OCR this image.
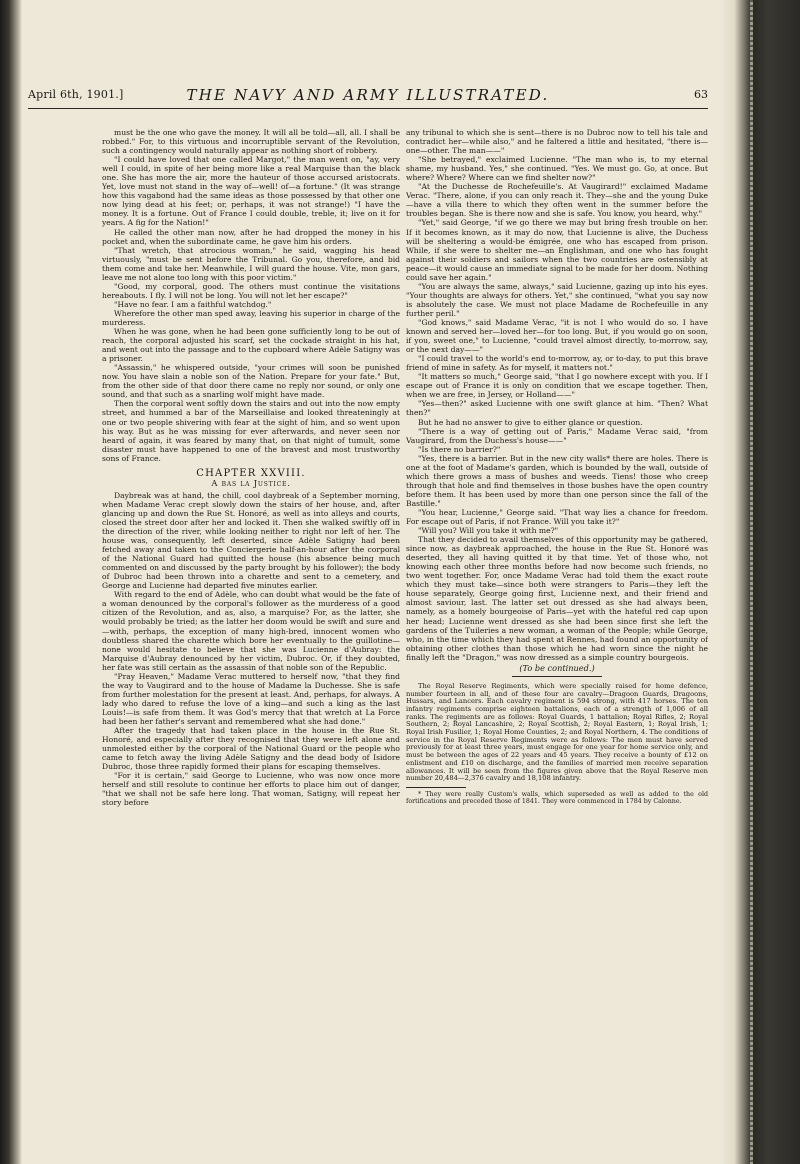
April 6th, 1901.]	THE NAVY AND ARMY ILLUSTRATED.	63

must be the one who gave the money. It will all be told—all, all. I shall be robbed." For, to this virtuous and incorruptible servant of the Revolution, such a contingency would naturally appear as nothing short of robbery.

"I could have loved that one called Margot," the man went on, "ay, very well I could, in spite of her being more like a real Marquise than the black one. She has more the air, more the hauteur of those accursed aristocrats. Yet, love must not stand in the way of—well! of—a fortune." (It was strange how this vagabond had the same ideas as those possessed by that other one now lying dead at his feet; or, perhaps, it was not strange!) "I have the money. It is a fortune. Out of France I could double, treble, it; live on it for years. A fig for the Nation!"

He called the other man now, after he had dropped the money in his pocket and, when the subordinate came, he gave him his orders.

"That wretch, that atrocious woman," he said, wagging his head virtuously, "must be sent before the Tribunal. Go you, therefore, and bid them come and take her. Meanwhile, I will guard the house. Vite, mon gars, leave me not alone too long with this poor victim."

"Good, my corporal, good. The others must continue the visitations hereabouts. I fly. I will not be long. You will not let her escape?"

"Have no fear. I am a faithful watchdog."

Wherefore the other man sped away, leaving his superior in charge of the murderess.

When he was gone, when he had been gone sufficiently long to be out of reach, the corporal adjusted his scarf, set the cockade straight in his hat, and went out into the passage and to the cupboard where Adèle Satigny was a prisoner.

"Assassin," he whispered outside, "your crimes will soon be punished now. You have slain a noble son of the Nation. Prepare for your fate." But, from the other side of that door there came no reply nor sound, or only one sound, and that such as a snarling wolf might have made.

Then the corporal went softly down the stairs and out into the now empty street, and hummed a bar of the Marseillaise and looked threateningly at one or two people shivering with fear at the sight of him, and so went upon his way. But as he was missing for ever afterwards, and never seen nor heard of again, it was feared by many that, on that night of tumult, some disaster must have happened to one of the bravest and most trustworthy sons of France.

CHAPTER XXVIII.
A bas la Justice.

Daybreak was at hand, the chill, cool daybreak of a September morning, when Madame Verac crept slowly down the stairs of her house, and, after glancing up and down the Rue St. Honoré, as well as into alleys and courts, closed the street door after her and locked it. Then she walked swiftly off in the direction of the river, while looking neither to right nor left of her. The house was, consequently, left deserted, since Adèle Satigny had been fetched away and taken to the Conciergerie half-an-hour after the corporal of the National Guard had quitted the house (his absence being much commented on and discussed by the party brought by his follower); the body of Dubroc had been thrown into a charette and sent to a cemetery, and George and Lucienne had departed five minutes earlier.

With regard to the end of Adèle, who can doubt what would be the fate of a woman denounced by the corporal's follower as the murderess of a good citizen of the Revolution, and as, also, a marquise? For, as the latter, she would probably be tried; as the latter her doom would be swift and sure and—with, perhaps, the exception of many high-bred, innocent women who doubtless shared the charette which bore her eventually to the guillotine—none would hesitate to believe that she was Lucienne d'Aubray: the Marquise d'Aubray denounced by her victim, Dubroc. Or, if they doubted, her fate was still certain as the assassin of that noble son of the Republic.

"Pray Heaven," Madame Verac muttered to herself now, "that they find the way to Vaugirard and to the house of Madame la Duchesse. She is safe from further molestation for the present at least. And, perhaps, for always. A lady who dared to refuse the love of a king—and such a king as the last Louis!—is safe from them. It was God's mercy that that wretch at La Force had been her father's servant and remembered what she had done."

After the tragedy that had taken place in the house in the Rue St. Honoré, and especially after they recognised that they were left alone and unmolested either by the corporal of the National Guard or the people who came to fetch away the living Adèle Satigny and the dead body of Isidore Dubroc, those three rapidly formed their plans for escaping themselves.

"For it is certain," said George to Lucienne, who was now once more herself and still resolute to continue her efforts to place him out of danger, "that we shall not be safe here long. That woman, Satigny, will repeat her story before

any tribunal to which she is sent—there is no Dubroc now to tell his tale and contradict her—while also," and he faltered a little and hesitated, "there is—one—other. The man——"

"She betrayed," exclaimed Lucienne. "The man who is, to my eternal shame, my husband. Yes," she continued. "Yes. We must go. Go, at once. But where? Where? Where can we find shelter now?"

"At the Duchesse de Rochefeuille's. At Vaugirard!" exclaimed Madame Verac. "There, alone, if you can only reach it. They—she and the young Duke—have a villa there to which they often went in the summer before the troubles began. She is there now and she is safe. You know, you heard, why."

"Yet," said George, "if we go there we may but bring fresh trouble on her. If it becomes known, as it may do now, that Lucienne is alive, the Duchess will be sheltering a would-be émigrée, one who has escaped from prison. While, if she were to shelter me—an Englishman, and one who has fought against their soldiers and sailors when the two countries are ostensibly at peace—it would cause an immediate signal to be made for her doom. Nothing could save her again."

"You are always the same, always," said Lucienne, gazing up into his eyes. "Your thoughts are always for others. Yet," she continued, "what you say now is absolutely the case. We must not place Madame de Rochefeuille in any further peril."

"God knows," said Madame Verac, "it is not I who would do so. I have known and served her—loved her—for too long. But, if you would go on soon, if you, sweet one," to Lucienne, "could travel almost directly, to-morrow, say, or the next day——"

"I could travel to the world's end to-morrow, ay, or to-day, to put this brave friend of mine in safety. As for myself, it matters not."

"It matters so much," George said, "that I go nowhere except with you. If I escape out of France it is only on condition that we escape together. Then, when we are free, in Jersey, or Holland——"

"Yes—then?" asked Lucienne with one swift glance at him. "Then? What then?"

But he had no answer to give to either glance or question.

"There is a way of getting out of Paris," Madame Verac said, "from Vaugirard, from the Duchess's house——"

"Is there no barrier?"

"Yes, there is a barrier. But in the new city walls* there are holes. There is one at the foot of Madame's garden, which is bounded by the wall, outside of which there grows a mass of bushes and weeds. Tiens! those who creep through that hole and find themselves in those bushes have the open country before them. It has been used by more than one person since the fall of the Bastille."

"You hear, Lucienne," George said. "That way lies a chance for freedom. For escape out of Paris, if not France. Will you take it?"

"Will you? Will you take it with me?"

That they decided to avail themselves of this opportunity may be gathered, since now, as daybreak approached, the house in the Rue St. Honoré was deserted, they all having quitted it by that time. Yet of those who, not knowing each other three months before had now become such friends, no two went together. For, once Madame Verac had told them the exact route which they must take—since both were strangers to Paris—they left the house separately, George going first, Lucienne next, and their friend and almost saviour, last. The latter set out dressed as she had always been, namely, as a homely bourgeoise of Paris—yet with the hateful red cap upon her head; Lucienne went dressed as she had been since first she left the gardens of the Tuileries a new woman, a woman of the People; while George, who, in the time which they had spent at Rennes, had found an opportunity of obtaining other clothes than those which he had worn since the night he finally left the "Dragon," was now dressed as a simple country bourgeois.

(To be continued.)

The Royal Reserve Regiments, which were specially raised for home defence, number fourteen in all, and of these four are cavalry—Dragoon Guards, Dragoons, Hussars, and Lancers. Each cavalry regiment is 594 strong, with 417 horses. The ten infantry regiments comprise eighteen battalions, each of a strength of 1,006 of all ranks. The regiments are as follows: Royal Guards, 1 battalion; Royal Rifles, 2; Royal Southern, 2; Royal Lancashire, 2; Royal Scottish, 2; Royal Eastern, 1; Royal Irish, 1; Royal Irish Fusilier, 1; Royal Home Counties, 2; and Royal Northern, 4. The conditions of service in the Royal Reserve Regiments were as follows: The men must have served previously for at least three years, must engage for one year for home service only, and must be between the ages of 22 years and 45 years. They receive a bounty of £12 on enlistment and £10 on discharge, and the families of married men receive separation allowances. It will be seen from the figures given above that the Royal Reserve men number 20,484—2,376 cavalry and 18,108 infantry.

* They were really Custom's walls, which superseded as well as added to the old fortifications and preceded those of 1841. They were commenced in 1784 by Calonne.
